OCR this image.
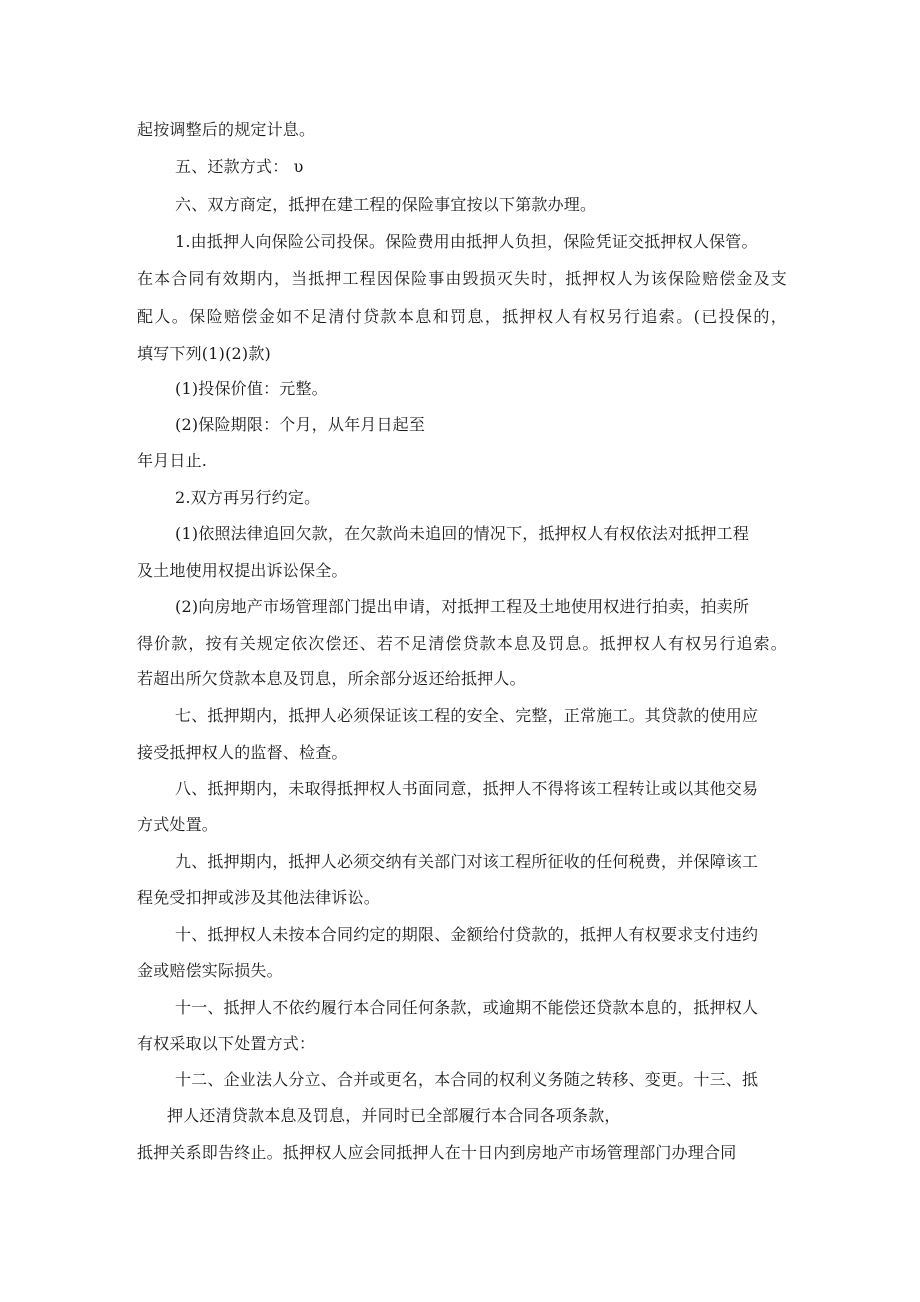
起按调整后的规定计息。
五、还款方式： υ
六、双方商定，抵押在建工程的保险事宜按以下第款办理。
1.由抵押人向保险公司投保。保险费用由抵押人负担，保险凭证交抵押权人保管。
在本合同有效期内，当抵押工程因保险事由毁损灭失时，抵押权人为该保险赔偿金及支
配人。保险赔偿金如不足清付贷款本息和罚息，抵押权人有权另行追索。(已投保的，
填写下列(1)(2)款)
(1)投保价值：元整。
(2)保险期限：个月，从年月日起至
年月日止.
2.双方再另行约定。
(1)依照法律追回欠款，在欠款尚未追回的情况下，抵押权人有权依法对抵押工程
及土地使用权提出诉讼保全。
(2)向房地产市场管理部门提出申请，对抵押工程及土地使用权进行拍卖，拍卖所
得价款，按有关规定依次偿还、若不足清偿贷款本息及罚息。抵押权人有权另行追索。
若超出所欠贷款本息及罚息，所余部分返还给抵押人。
七、抵押期内，抵押人必须保证该工程的安全、完整，正常施工。其贷款的使用应
接受抵押权人的监督、检查。
八、抵押期内，未取得抵押权人书面同意，抵押人不得将该工程转让或以其他交易
方式处置。
九、抵押期内，抵押人必须交纳有关部门对该工程所征收的任何税费，并保障该工
程免受扣押或涉及其他法律诉讼。
十、抵押权人未按本合同约定的期限、金额给付贷款的，抵押人有权要求支付违约
金或赔偿实际损失。
十一、抵押人不依约履行本合同任何条款，或逾期不能偿还贷款本息的，抵押权人
有权采取以下处置方式：
十二、企业法人分立、合并或更名，本合同的权利义务随之转移、变更。十三、抵
押人还清贷款本息及罚息，并同时已全部履行本合同各项条款，
抵押关系即告终止。抵押权人应会同抵押人在十日内到房地产市场管理部门办理合同
